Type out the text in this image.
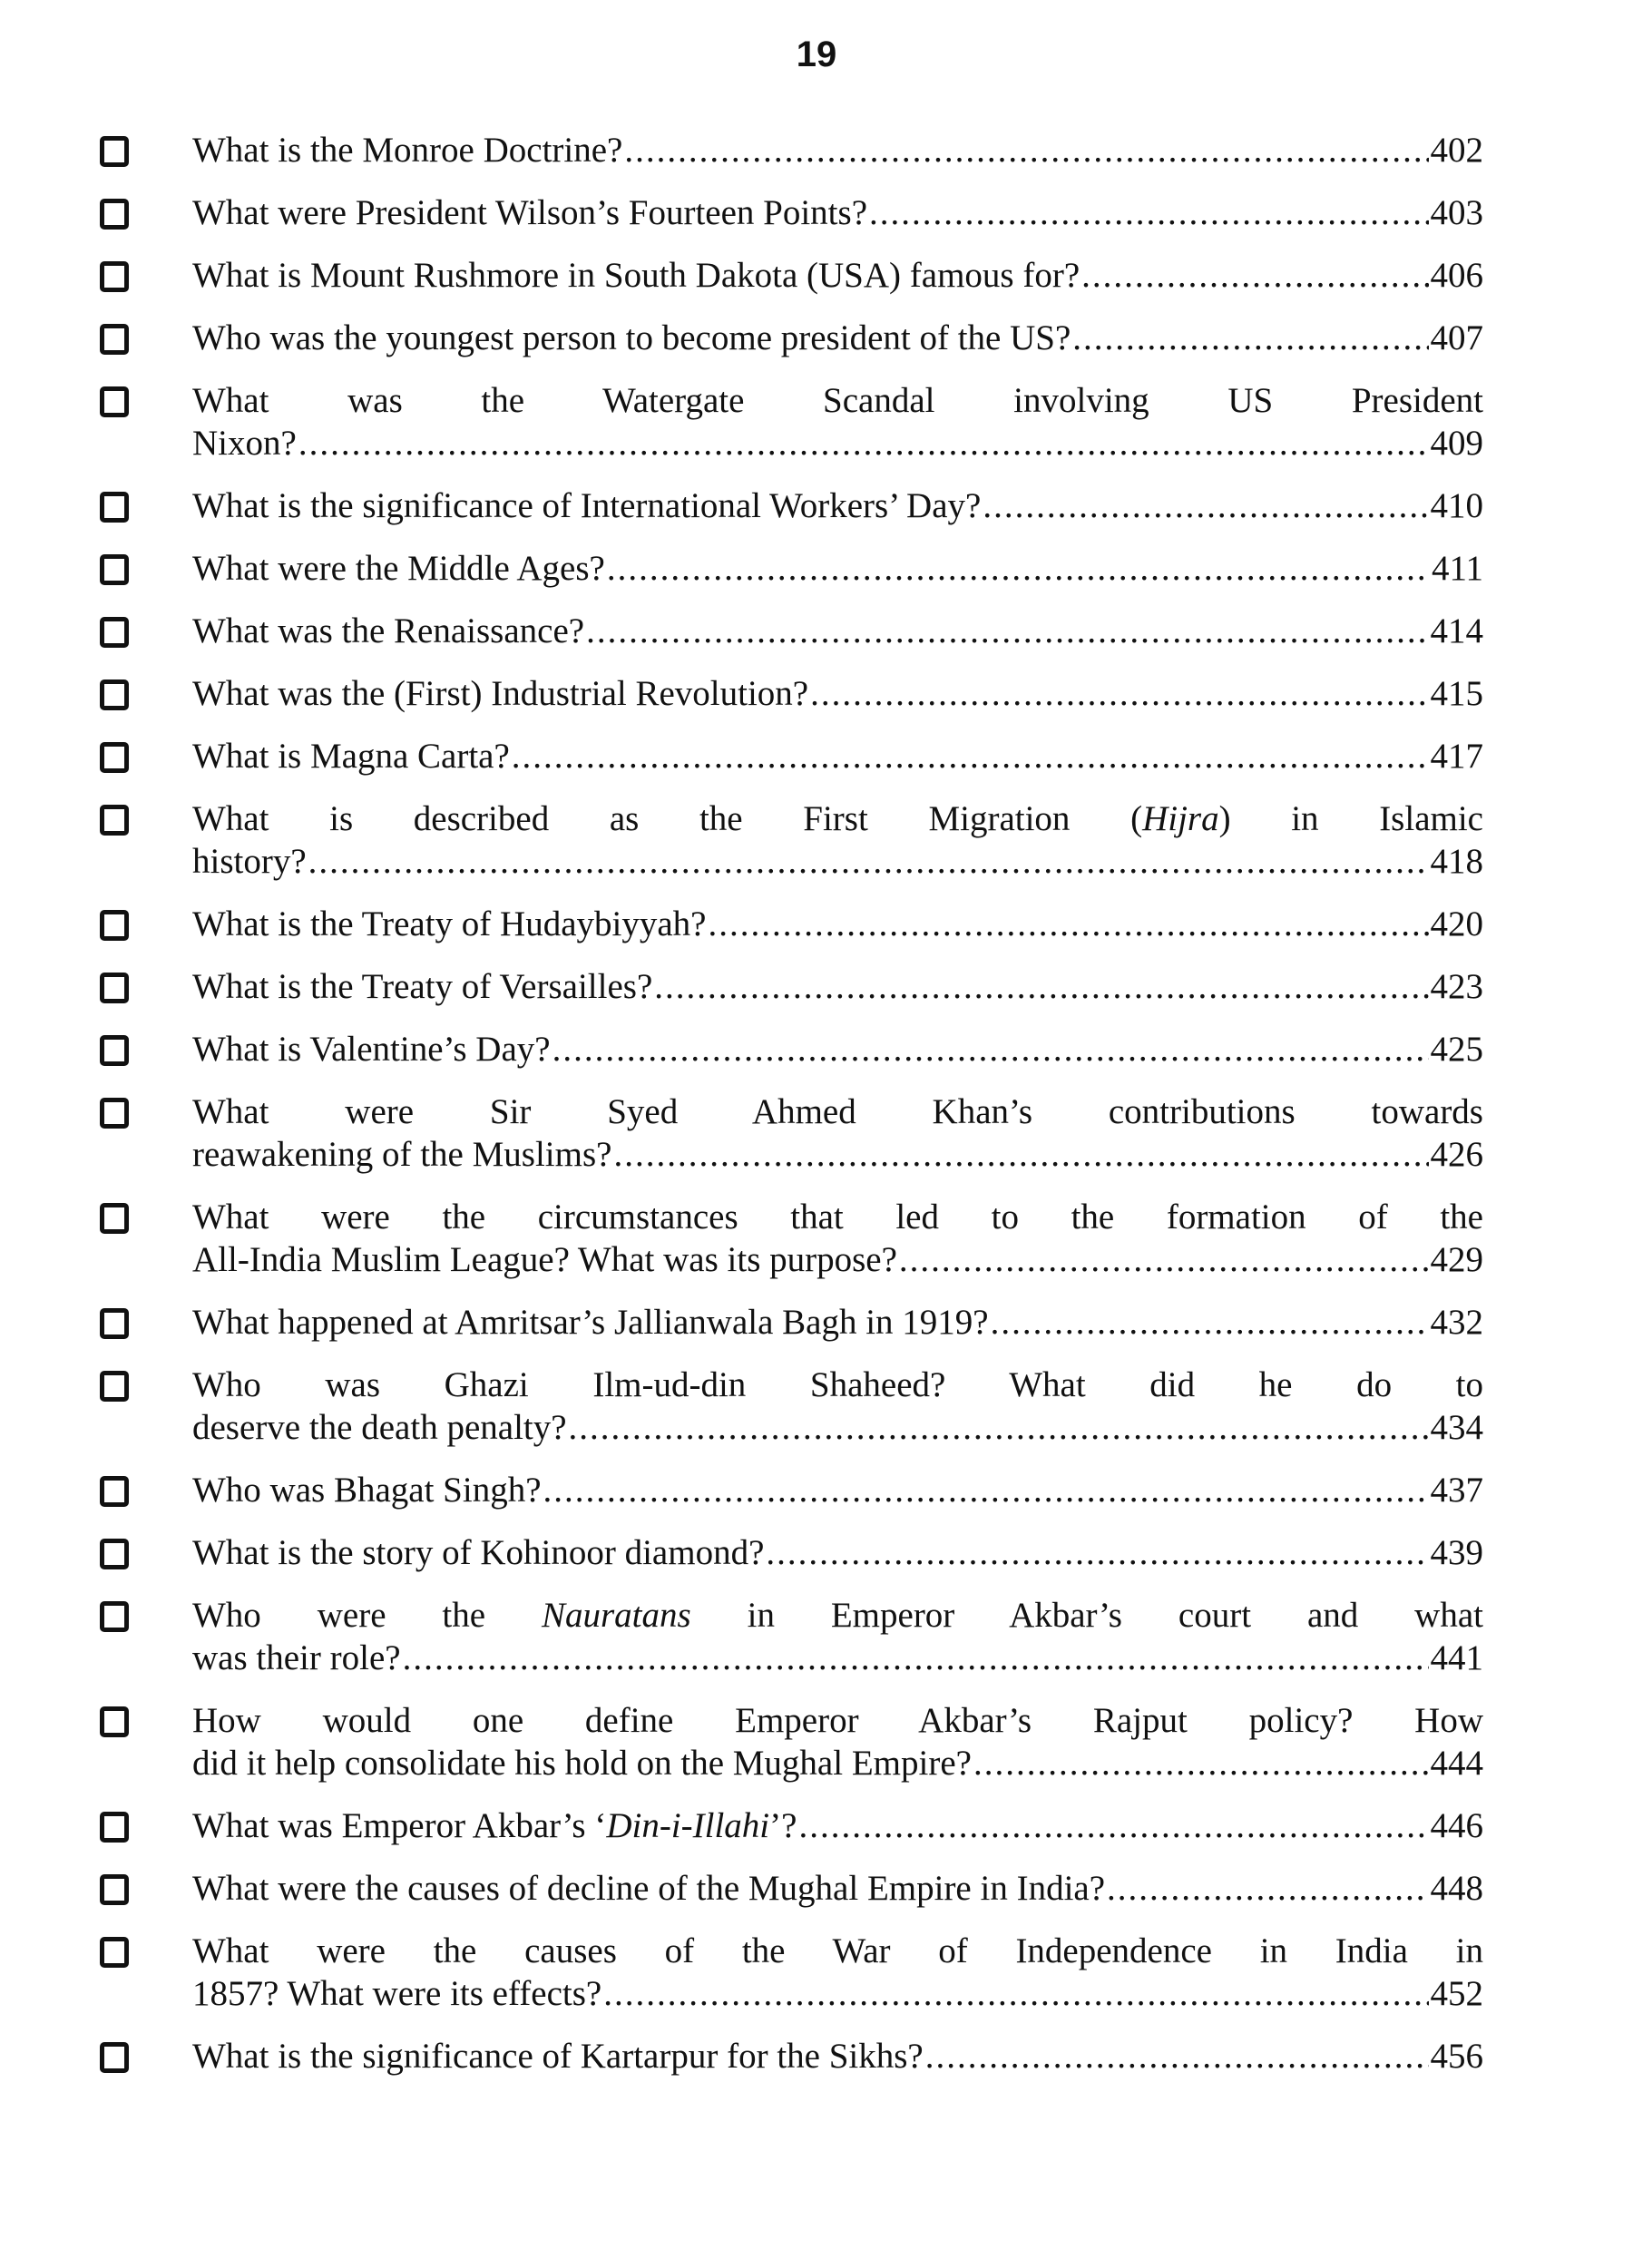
19
What is the Monroe Doctrine? .....	402
What were President Wilson’s Fourteen Points? .....	403
What is Mount Rushmore in South Dakota (USA) famous for? .....	406
Who was the youngest person to become president of the US? .....	407
What was the Watergate Scandal involving US President
Nixon? .....	409
What is the significance of International Workers’ Day? .....	410
What were the Middle Ages? .....	411
What was the Renaissance? .....	414
What was the (First) Industrial Revolution? .....	415
What is Magna Carta? .....	417
What is described as the First Migration (Hijra) in Islamic
history? .....	418
What is the Treaty of Hudaybiyyah? .....	420
What is the Treaty of Versailles? .....	423
What is Valentine’s Day? .....	425
What were Sir Syed Ahmed Khan’s contributions towards
reawakening of the Muslims? .....	426
What were the circumstances that led to the formation of the
All-India Muslim League? What was its purpose? .....	429
What happened at Amritsar’s Jallianwala Bagh in 1919? .....	432
Who was Ghazi Ilm-ud-din Shaheed? What did he do to
deserve the death penalty? .....	434
Who was Bhagat Singh? .....	437
What is the story of Kohinoor diamond? .....	439
Who were the Nauratans in Emperor Akbar’s court and what
was their role? .....	441
How would one define Emperor Akbar’s Rajput policy? How
did it help consolidate his hold on the Mughal Empire? .....	444
What was Emperor Akbar’s ‘Din-i-Illahi’? .....	446
What were the causes of decline of the Mughal Empire in India? .....	448
What were the causes of the War of Independence in India in
1857? What were its effects? .....	452
What is the significance of Kartarpur for the Sikhs? .....	456
